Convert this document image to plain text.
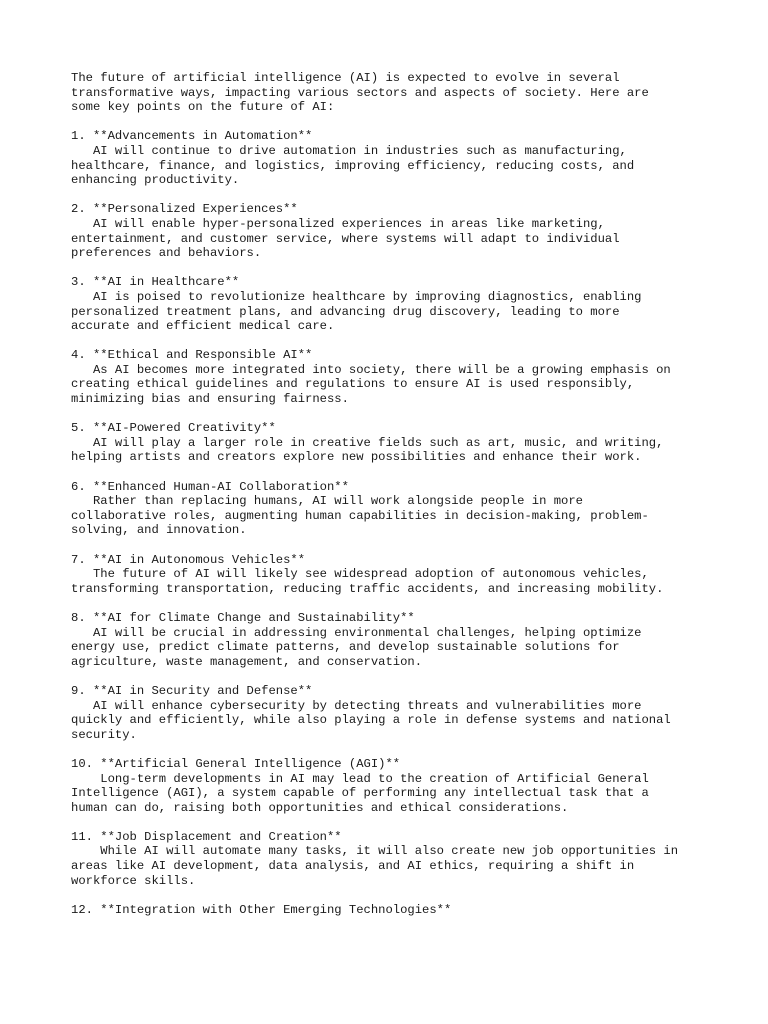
The future of artificial intelligence (AI) is expected to evolve in several
transformative ways, impacting various sectors and aspects of society. Here are
some key points on the future of AI:

1. **Advancements in Automation**
AI will continue to drive automation in industries such as manufacturing,
healthcare, finance, and logistics, improving efficiency, reducing costs, and
enhancing productivity.

2. **Personalized Experiences**
AI will enable hyper-personalized experiences in areas like marketing,
entertainment, and customer service, where systems will adapt to individual
preferences and behaviors.

3. **AI in Healthcare**
AI is poised to revolutionize healthcare by improving diagnostics, enabling
personalized treatment plans, and advancing drug discovery, leading to more
accurate and efficient medical care.

4. **Ethical and Responsible AI**
As AI becomes more integrated into society, there will be a growing emphasis on
creating ethical guidelines and regulations to ensure AI is used responsibly,
minimizing bias and ensuring fairness.

5. **AI-Powered Creativity**
AI will play a larger role in creative fields such as art, music, and writing,
helping artists and creators explore new possibilities and enhance their work.

6. **Enhanced Human-AI Collaboration**
Rather than replacing humans, AI will work alongside people in more
collaborative roles, augmenting human capabilities in decision-making, problem-
solving, and innovation.

7. **AI in Autonomous Vehicles**
The future of AI will likely see widespread adoption of autonomous vehicles,
transforming transportation, reducing traffic accidents, and increasing mobility.

8. **AI for Climate Change and Sustainability**
AI will be crucial in addressing environmental challenges, helping optimize
energy use, predict climate patterns, and develop sustainable solutions for
agriculture, waste management, and conservation.

9. **AI in Security and Defense**
AI will enhance cybersecurity by detecting threats and vulnerabilities more
quickly and efficiently, while also playing a role in defense systems and national
security.

10. **Artificial General Intelligence (AGI)**
Long-term developments in AI may lead to the creation of Artificial General
Intelligence (AGI), a system capable of performing any intellectual task that a
human can do, raising both opportunities and ethical considerations.

11. **Job Displacement and Creation**
While AI will automate many tasks, it will also create new job opportunities in
areas like AI development, data analysis, and AI ethics, requiring a shift in
workforce skills.

12. **Integration with Other Emerging Technologies**
